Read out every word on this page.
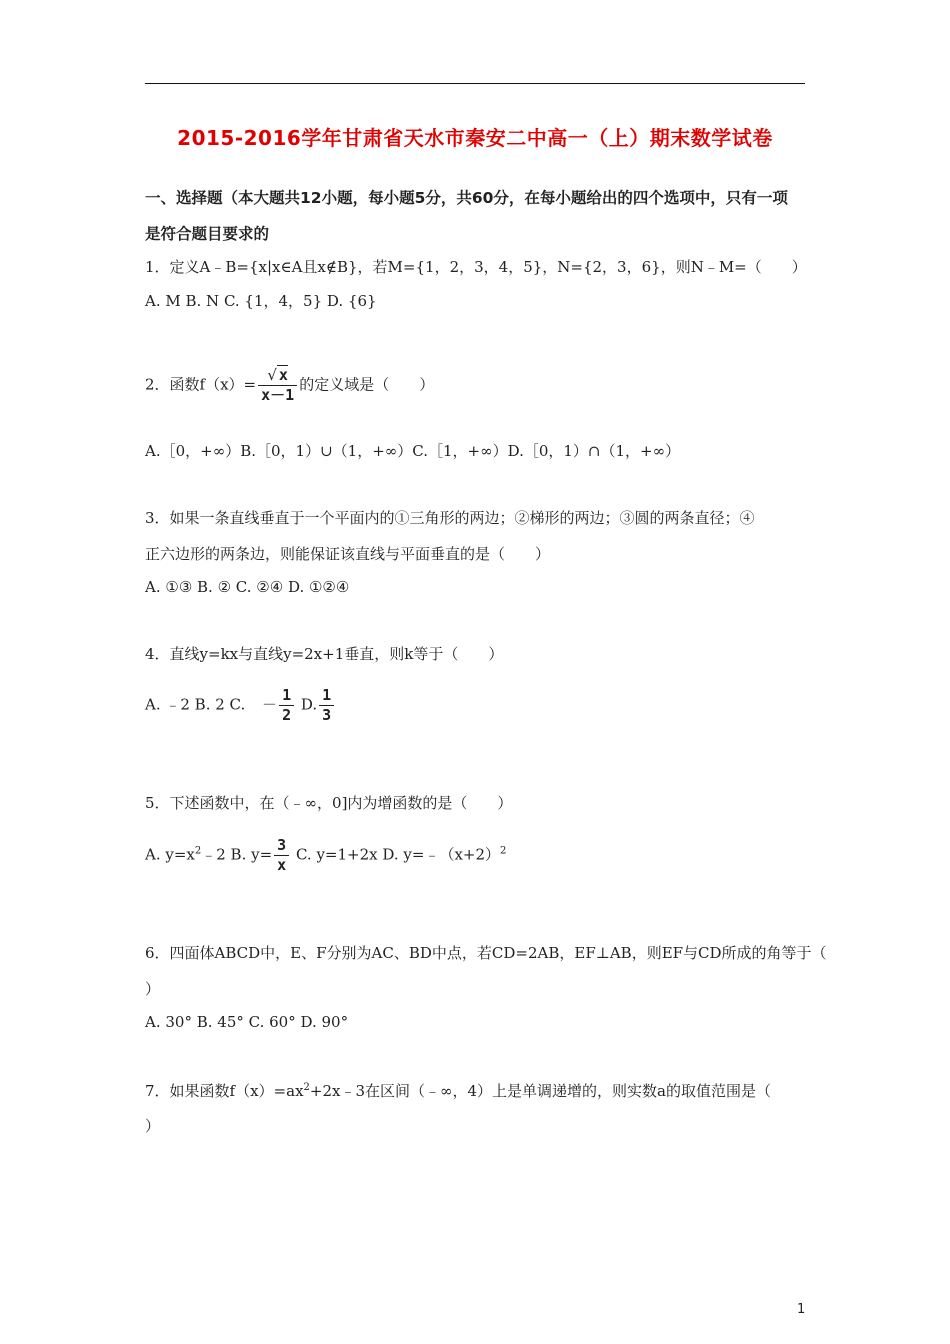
2015-2016学年甘肃省天水市秦安二中高一（上）期末数学试卷
一、选择题（本大题共12小题，每小题5分，共60分，在每小题给出的四个选项中，只有一项
是符合题目要求的
1．定义A﹣B={x|x∈A且x∉B}，若M={1，2，3，4，5}，N={2，3，6}，则N﹣M=（　　）
A. M B. N C. {1，4，5} D. {6}
2．函数$f(x)= \frac{√ x}{x-1}$ 的定义域是（　　）
A.［0，+∞）B.［0，1）∪（1，+∞）C.［1，+∞）D.［0，1）∩（1，+∞）
3．如果一条直线垂直于一个平面内的①三角形的两边；②梯形的两边；③圆的两条直径；④
正六边形的两条边，则能保证该直线与平面垂直的是（　　）
A. ①③ B. ② C. ②④ D. ①②④
4．直线y=kx与直线y=2x+1垂直，则k等于（　　）
A. ﹣2 B. 2 C. － $\frac{1}{2} D$. $\frac{1}{3}$
5．下述函数中，在（﹣∞，0]内为增函数的是（　　）
A. $y=x^2﹣2$ B. $y= \frac{3}{x} C$. y=1+2x D. $y=﹣(x+2)^2$
6．四面体ABCD中，E、F分别为AC、BD中点，若CD=2AB，EF⊥AB，则EF与CD所成的角等于（
）
A. 30° B. 45° C. 60° D. 90°
7．如果函数$f(x)=ax^2+2x﹣3$在区间（﹣∞，4）上是单调递增的，则实数a的取值范围是（
）
1
